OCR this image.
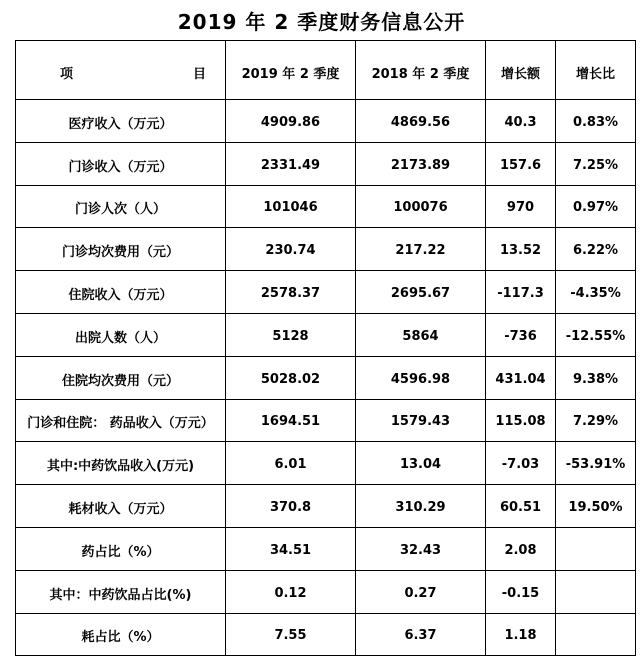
2019 年 2 季度财务信息公开
项 目	2019 年 2 季度	2018 年 2 季度	增长额	增长比
医疗收入（万元）	4909.86	4869.56	40.3	0.83%
门诊收入（万元）	2331.49	2173.89	157.6	7.25%
门诊人次（人）	101046	100076	970	0.97%
门诊均次费用（元）	230.74	217.22	13.52	6.22%
住院收入（万元）	2578.37	2695.67	-117.3	-4.35%
出院人数（人）	5128	5864	-736	-12.55%
住院均次费用（元）	5028.02	4596.98	431.04	9.38%
门诊和住院： 药品收入（万元）	1694.51	1579.43	115.08	7.29%
其中:中药饮品收入(万元)	6.01	13.04	-7.03	-53.91%
耗材收入（万元）	370.8	310.29	60.51	19.50%
药占比（%）	34.51	32.43	2.08	
其中：中药饮品占比(%)	0.12	0.27	-0.15	
耗占比（%）	7.55	6.37	1.18	
